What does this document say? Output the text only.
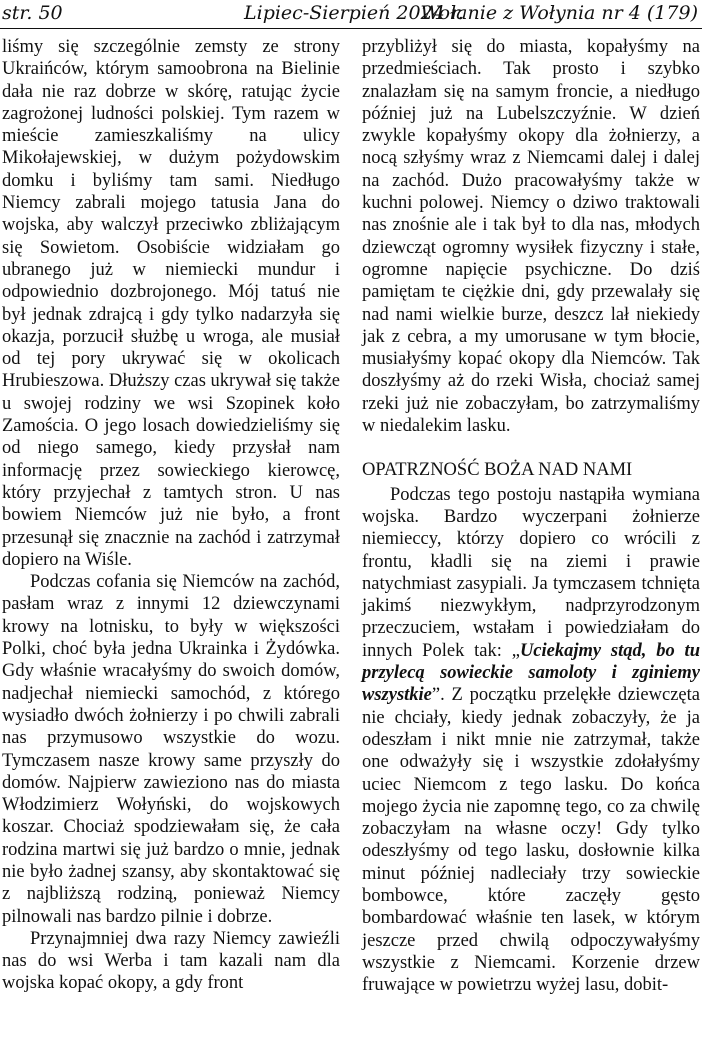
str. 50	Lipiec-Sierpień 2024 r.
Wołanie z Wołynia nr 4 (179)

liśmy się szczególnie zemsty ze strony Ukraińców, którym samoobrona na Bielinie dała nie raz dobrze w skórę, ratując życie zagrożonej ludności polskiej. Tym razem w mieście zamieszkaliśmy na ulicy Mikołajewskiej, w dużym pożydowskim domku i byliśmy tam sami. Niedługo Niemcy zabrali mojego tatusia Jana do wojska, aby walczył przeciwko zbliżającym się Sowietom. Osobiście widziałam go ubranego już w niemiecki mundur i odpowiednio dozbrojonego. Mój tatuś nie był jednak zdrajcą i gdy tylko nadarzyła się okazja, porzucił służbę u wroga, ale musiał od tej pory ukrywać się w okolicach Hrubieszowa. Dłuższy czas ukrywał się także u swojej rodziny we wsi Szopinek koło Zamościa. O jego losach dowiedzieliśmy się od niego samego, kiedy przysłał nam informację przez sowieckiego kierowcę, który przyjechał z tamtych stron. U nas bowiem Niemców już nie było, a front przesunął się znacznie na zachód i zatrzymał dopiero na Wiśle.

Podczas cofania się Niemców na zachód, pasłam wraz z innymi 12 dziewczynami krowy na lotnisku, to były w większości Polki, choć była jedna Ukrainka i Żydówka. Gdy właśnie wracałyśmy do swoich domów, nadjechał niemiecki samochód, z którego wysiadło dwóch żołnierzy i po chwili zabrali nas przymusowo wszystkie do wozu. Tymczasem nasze krowy same przyszły do domów. Najpierw zawieziono nas do miasta Włodzimierz Wołyński, do wojskowych koszar. Chociaż spodziewałam się, że cała rodzina martwi się już bardzo o mnie, jednak nie było żadnej szansy, aby skontaktować się z najbliższą rodziną, ponieważ Niemcy pilnowali nas bardzo pilnie i dobrze.

Przynajmniej dwa razy Niemcy zawieźli nas do wsi Werba i tam kazali nam dla wojska kopać okopy, a gdy front

przybliżył się do miasta, kopałyśmy na przedmieściach. Tak prosto i szybko znalazłam się na samym froncie, a niedługo później już na Lubelszczyźnie. W dzień zwykle kopałyśmy okopy dla żołnierzy, a nocą szłyśmy wraz z Niemcami dalej i dalej na zachód. Dużo pracowałyśmy także w kuchni polowej. Niemcy o dziwo traktowali nas znośnie ale i tak był to dla nas, młodych dziewcząt ogromny wysiłek fizyczny i stałe, ogromne napięcie psychiczne. Do dziś pamiętam te ciężkie dni, gdy przewalały się nad nami wielkie burze, deszcz lał niekiedy jak z cebra, a my umorusane w tym błocie, musiałyśmy kopać okopy dla Niemców. Tak doszłyśmy aż do rzeki Wisła, chociaż samej rzeki już nie zobaczyłam, bo zatrzymaliśmy w niedalekim lasku.

OPATRZNOŚĆ BOŻA NAD NAMI

Podczas tego postoju nastąpiła wymiana wojska. Bardzo wyczerpani żołnierze niemieccy, którzy dopiero co wrócili z frontu, kładli się na ziemi i prawie natychmiast zasypiali. Ja tymczasem tchnięta jakimś niezwykłym, nadprzyrodzonym przeczuciem, wstałam i powiedziałam do innych Polek tak: „Uciekajmy stąd, bo tu przylecą sowieckie samoloty i zginiemy wszystkie”. Z początku przelękłe dziewczęta nie chciały, kiedy jednak zobaczyły, że ja odeszłam i nikt mnie nie zatrzymał, także one odważyły się i wszystkie zdołałyśmy uciec Niemcom z tego lasku. Do końca mojego życia nie zapomnę tego, co za chwilę zobaczyłam na własne oczy! Gdy tylko odeszłyśmy od tego lasku, dosłownie kilka minut później nadleciały trzy sowieckie bombowce, które zaczęły gęsto bombardować właśnie ten lasek, w którym jeszcze przed chwilą odpoczywałyśmy wszystkie z Niemcami. Korzenie drzew fruwające w powietrzu wyżej lasu, dobit-
